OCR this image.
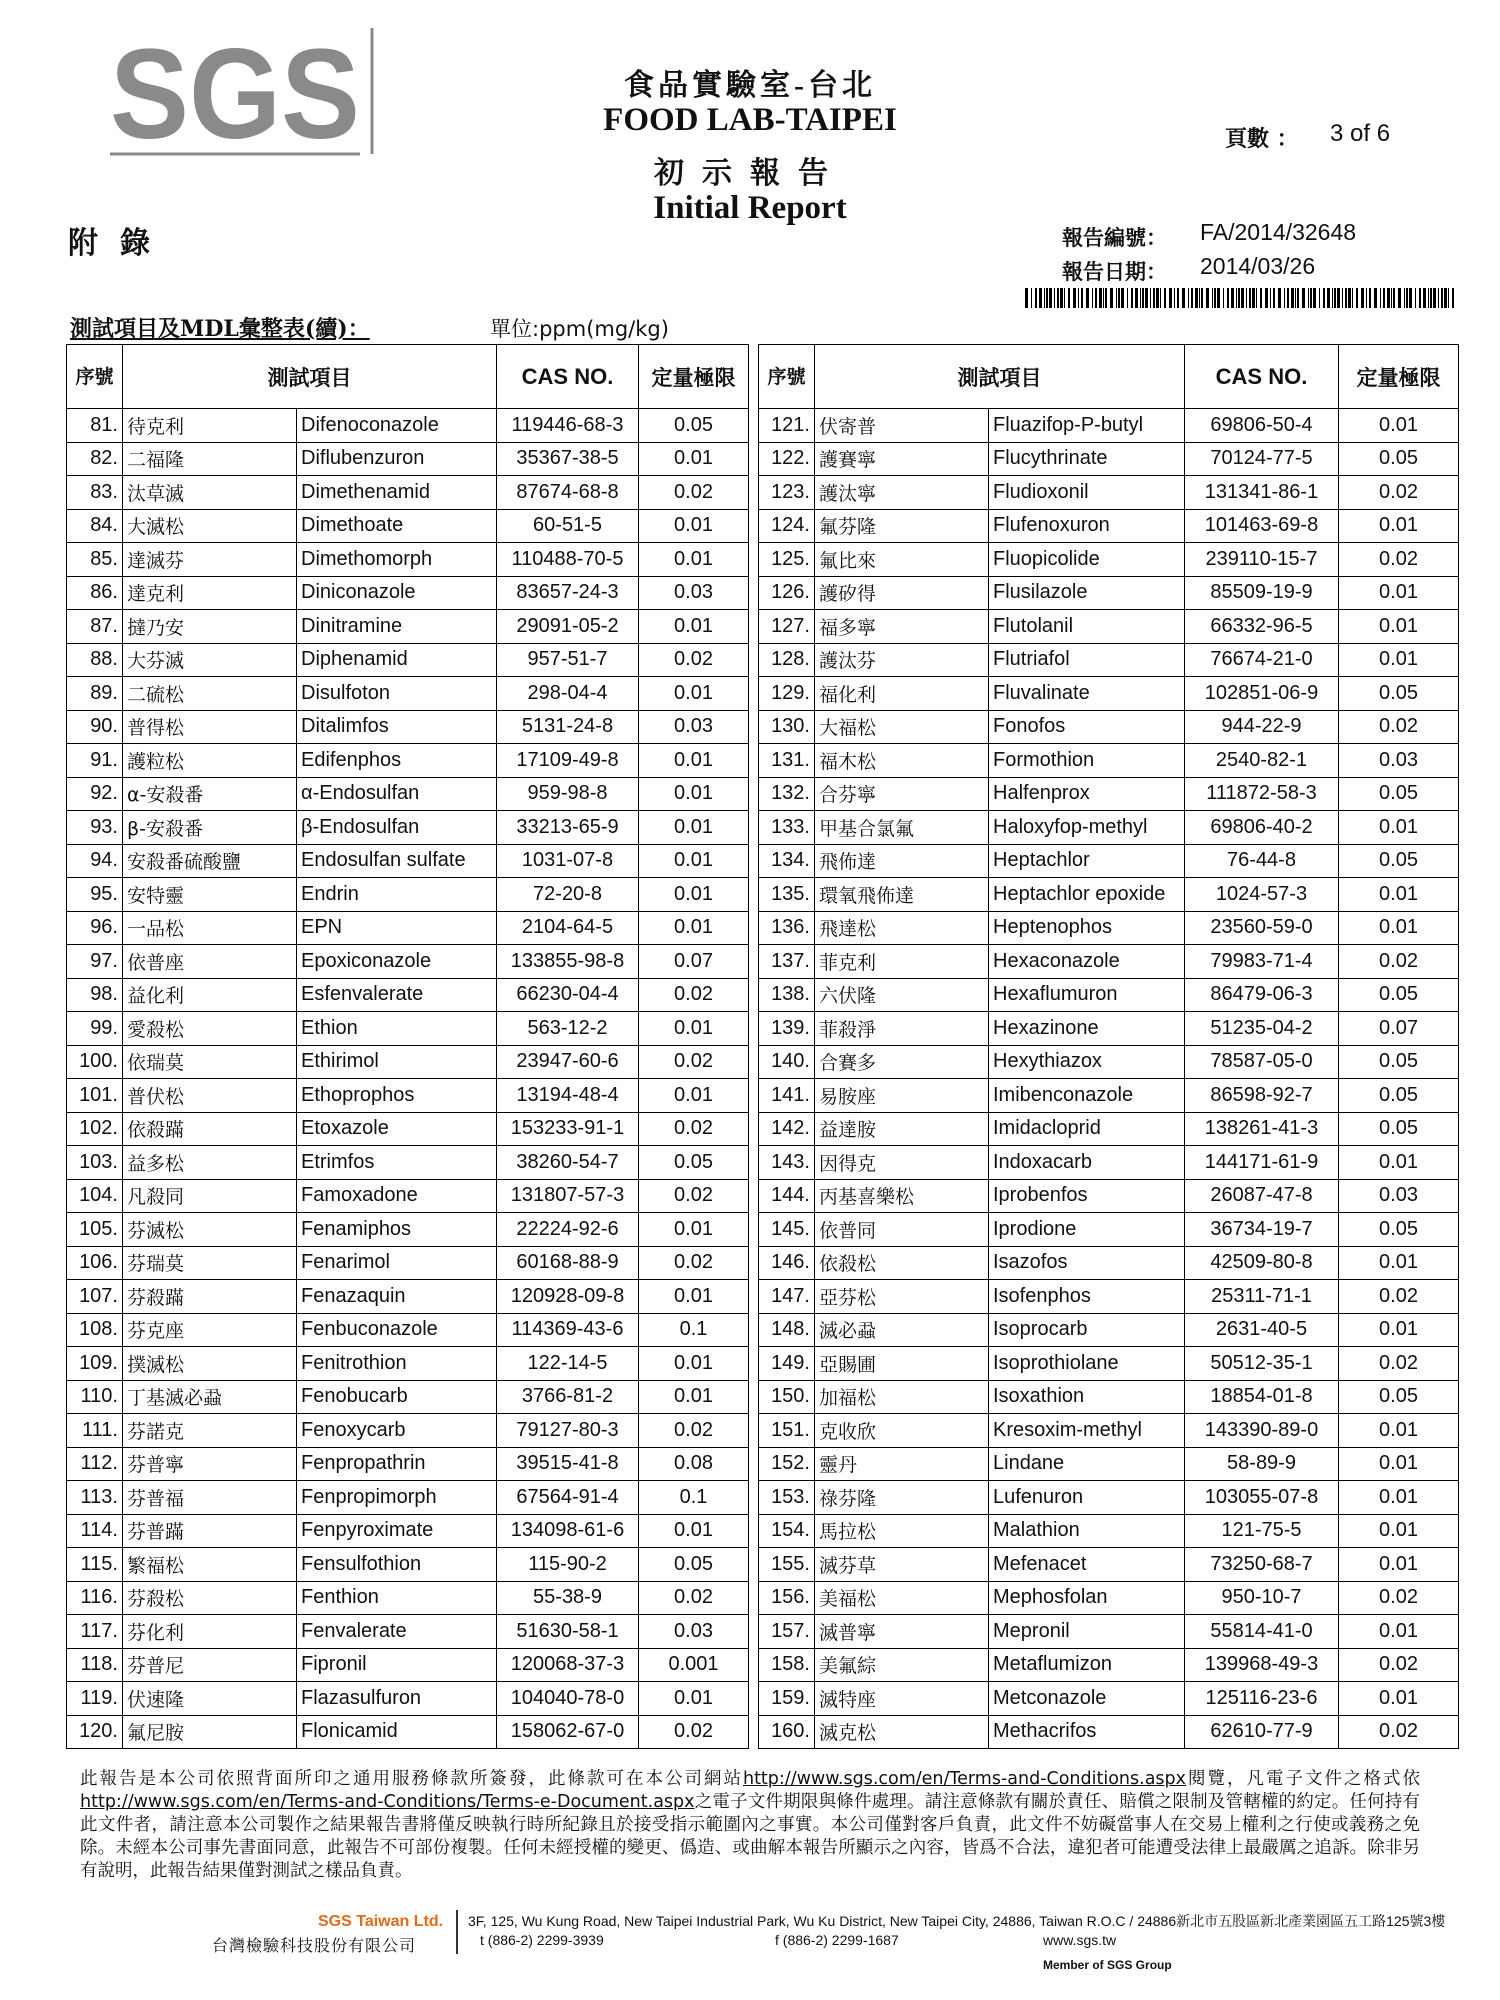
SGS	食品實驗室-台北
FOOD LAB-TAIPEI
初示報告
Initial Report
頁數 ： 3 of 6
附錄	報告編號： FA/2014/32648
報告日期： 2014/03/26
測試項目及MDL彙整表(續)：	單位:ppm(mg/kg)
序號	測試項目		CAS NO.	定量極限		序號	測試項目		CAS NO.	定量極限
81.	待克利	Difenoconazole	119446-68-3	0.05		121.	伏寄普	Fluazifop-P-butyl	69806-50-4	0.01
82.	二福隆	Diflubenzuron	35367-38-5	0.01		122.	護賽寧	Flucythrinate	70124-77-5	0.05
83.	汰草滅	Dimethenamid	87674-68-8	0.02		123.	護汰寧	Fludioxonil	131341-86-1	0.02
84.	大滅松	Dimethoate	60-51-5	0.01		124.	氟芬隆	Flufenoxuron	101463-69-8	0.01
85.	達滅芬	Dimethomorph	110488-70-5	0.01		125.	氟比來	Fluopicolide	239110-15-7	0.02
86.	達克利	Diniconazole	83657-24-3	0.03		126.	護矽得	Flusilazole	85509-19-9	0.01
87.	撻乃安	Dinitramine	29091-05-2	0.01		127.	福多寧	Flutolanil	66332-96-5	0.01
88.	大芬滅	Diphenamid	957-51-7	0.02		128.	護汰芬	Flutriafol	76674-21-0	0.01
89.	二硫松	Disulfoton	298-04-4	0.01		129.	福化利	Fluvalinate	102851-06-9	0.05
90.	普得松	Ditalimfos	5131-24-8	0.03		130.	大福松	Fonofos	944-22-9	0.02
91.	護粒松	Edifenphos	17109-49-8	0.01		131.	福木松	Formothion	2540-82-1	0.03
92.	α-安殺番	α-Endosulfan	959-98-8	0.01		132.	合芬寧	Halfenprox	111872-58-3	0.05
93.	β-安殺番	β-Endosulfan	33213-65-9	0.01		133.	甲基合氯氟	Haloxyfop-methyl	69806-40-2	0.01
94.	安殺番硫酸鹽	Endosulfan sulfate	1031-07-8	0.01		134.	飛佈達	Heptachlor	76-44-8	0.05
95.	安特靈	Endrin	72-20-8	0.01		135.	環氧飛佈達	Heptachlor epoxide	1024-57-3	0.01
96.	一品松	EPN	2104-64-5	0.01		136.	飛達松	Heptenophos	23560-59-0	0.01
97.	依普座	Epoxiconazole	133855-98-8	0.07		137.	菲克利	Hexaconazole	79983-71-4	0.02
98.	益化利	Esfenvalerate	66230-04-4	0.02		138.	六伏隆	Hexaflumuron	86479-06-3	0.05
99.	愛殺松	Ethion	563-12-2	0.01		139.	菲殺淨	Hexazinone	51235-04-2	0.07
100.	依瑞莫	Ethirimol	23947-60-6	0.02		140.	合賽多	Hexythiazox	78587-05-0	0.05
101.	普伏松	Ethoprophos	13194-48-4	0.01		141.	易胺座	Imibenconazole	86598-92-7	0.05
102.	依殺蹣	Etoxazole	153233-91-1	0.02		142.	益達胺	Imidacloprid	138261-41-3	0.05
103.	益多松	Etrimfos	38260-54-7	0.05		143.	因得克	Indoxacarb	144171-61-9	0.01
104.	凡殺同	Famoxadone	131807-57-3	0.02		144.	丙基喜樂松	Iprobenfos	26087-47-8	0.03
105.	芬滅松	Fenamiphos	22224-92-6	0.01		145.	依普同	Iprodione	36734-19-7	0.05
106.	芬瑞莫	Fenarimol	60168-88-9	0.02		146.	依殺松	Isazofos	42509-80-8	0.01
107.	芬殺蹣	Fenazaquin	120928-09-8	0.01		147.	亞芬松	Isofenphos	25311-71-1	0.02
108.	芬克座	Fenbuconazole	114369-43-6	0.1		148.	滅必蝨	Isoprocarb	2631-40-5	0.01
109.	撲滅松	Fenitrothion	122-14-5	0.01		149.	亞賜圃	Isoprothiolane	50512-35-1	0.02
110.	丁基滅必蝨	Fenobucarb	3766-81-2	0.01		150.	加福松	Isoxathion	18854-01-8	0.05
111.	芬諾克	Fenoxycarb	79127-80-3	0.02		151.	克收欣	Kresoxim-methyl	143390-89-0	0.01
112.	芬普寧	Fenpropathrin	39515-41-8	0.08		152.	靈丹	Lindane	58-89-9	0.01
113.	芬普福	Fenpropimorph	67564-91-4	0.1		153.	祿芬隆	Lufenuron	103055-07-8	0.01
114.	芬普蹣	Fenpyroximate	134098-61-6	0.01		154.	馬拉松	Malathion	121-75-5	0.01
115.	繁福松	Fensulfothion	115-90-2	0.05		155.	滅芬草	Mefenacet	73250-68-7	0.01
116.	芬殺松	Fenthion	55-38-9	0.02		156.	美福松	Mephosfolan	950-10-7	0.02
117.	芬化利	Fenvalerate	51630-58-1	0.03		157.	滅普寧	Mepronil	55814-41-0	0.01
118.	芬普尼	Fipronil	120068-37-3	0.001		158.	美氟綜	Metaflumizon	139968-49-3	0.02
119.	伏速隆	Flazasulfuron	104040-78-0	0.01		159.	滅特座	Metconazole	125116-23-6	0.01
120.	氟尼胺	Flonicamid	158062-67-0	0.02		160.	滅克松	Methacrifos	62610-77-9	0.02
此報告是本公司依照背面所印之通用服務條款所簽發，此條款可在本公司網站http://www.sgs.com/en/Terms-and-Conditions.aspx閱覽，凡電子文件之格式依http://www.sgs.com/en/Terms-and-Conditions/Terms-e-Document.aspx之電子文件期限與條件處理。請注意條款有關於責任、賠償之限制及管轄權的約定。任何持有此文件者，請注意本公司製作之結果報告書將僅反映執行時所紀錄且於接受指示範圍內之事實。本公司僅對客戶負責，此文件不妨礙當事人在交易上權利之行使或義務之免除。未經本公司事先書面同意，此報告不可部份複製。任何未經授權的變更、僞造、或曲解本報告所顯示之內容，皆爲不合法，違犯者可能遭受法律上最嚴厲之追訴。除非另有說明，此報告結果僅對測試之樣品負責。
SGS Taiwan Ltd.
台灣檢驗科技股份有限公司
3F, 125, Wu Kung Road, New Taipei Industrial Park, Wu Ku District, New Taipei City, 24886, Taiwan R.O.C / 24886新北市五股區新北產業園區五工路125號3樓
t (886-2) 2299-3939	f (886-2) 2299-1687	www.sgs.tw
Member of SGS Group
